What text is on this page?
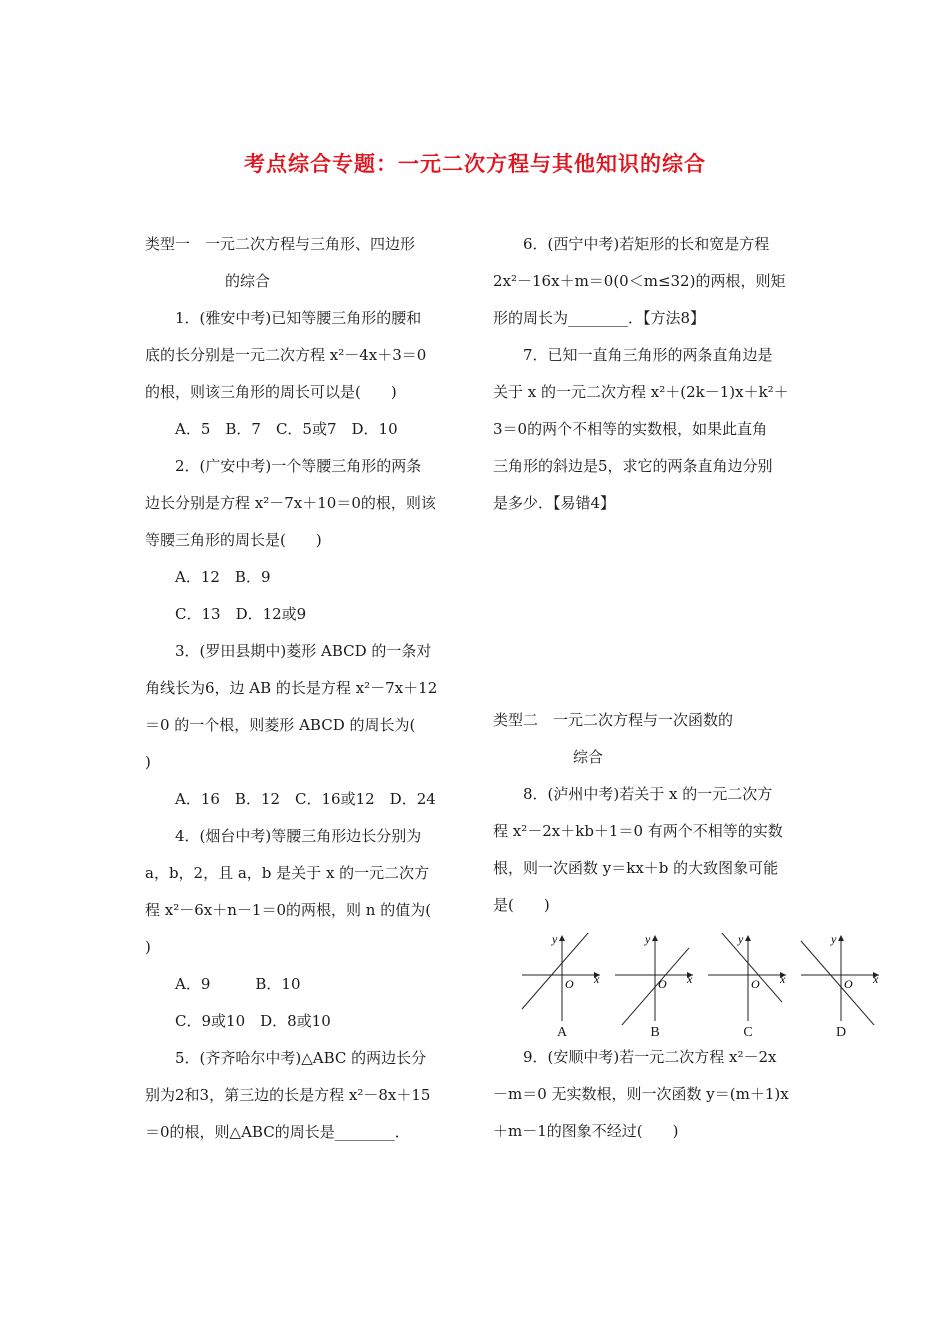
考点综合专题：一元二次方程与其他知识的综合
类型一　一元二次方程与三角形、四边形
的综合
1．(雅安中考)已知等腰三角形的腰和
底的长分别是一元二次方程 x²－4x＋3＝0
的根，则该三角形的周长可以是(　　)
A．5　B．7　C．5或7　D．10
2．(广安中考)一个等腰三角形的两条
边长分别是方程 x²－7x＋10＝0的根，则该
等腰三角形的周长是(　　)
A．12　B．9
C．13　D．12或9
3．(罗田县期中)菱形 ABCD 的一条对
角线长为6，边 AB 的长是方程 x²－7x＋12
＝0 的一个根，则菱形 ABCD 的周长为(
)
A．16　B．12　C．16或12　D．24
4．(烟台中考)等腰三角形边长分别为
a，b，2，且 a，b 是关于 x 的一元二次方
程 x²－6x＋n－1＝0的两根，则 n 的值为(
)
A．9　　　B．10
C．9或10　D．8或10
5．(齐齐哈尔中考)△ABC 的两边长分
别为2和3，第三边的长是方程 x²－8x＋15
＝0的根，则△ABC的周长是________．
6．(西宁中考)若矩形的长和宽是方程
2x²－16x＋m＝0(0＜m≤32)的两根，则矩
形的周长为________．【方法8】
7．已知一直角三角形的两条直角边是
关于 x 的一元二次方程 x²＋(2k－1)x＋k²＋
3＝0的两个不相等的实数根，如果此直角
三角形的斜边是5，求它的两条直角边分别
是多少．【易错4】
类型二　一元二次方程与一次函数的
综合
8．(泸州中考)若关于 x 的一元二次方
程 x²－2x＋kb＋1＝0 有两个不相等的实数
根，则一次函数 y＝kx＋b 的大致图象可能
是(　　)
y
x
O
A
y
x
O
B
y
x
O
C
y
x
O
D
9．(安顺中考)若一元二次方程 x²－2x
－m＝0 无实数根，则一次函数 y＝(m＋1)x
＋m－1的图象不经过(　　)
